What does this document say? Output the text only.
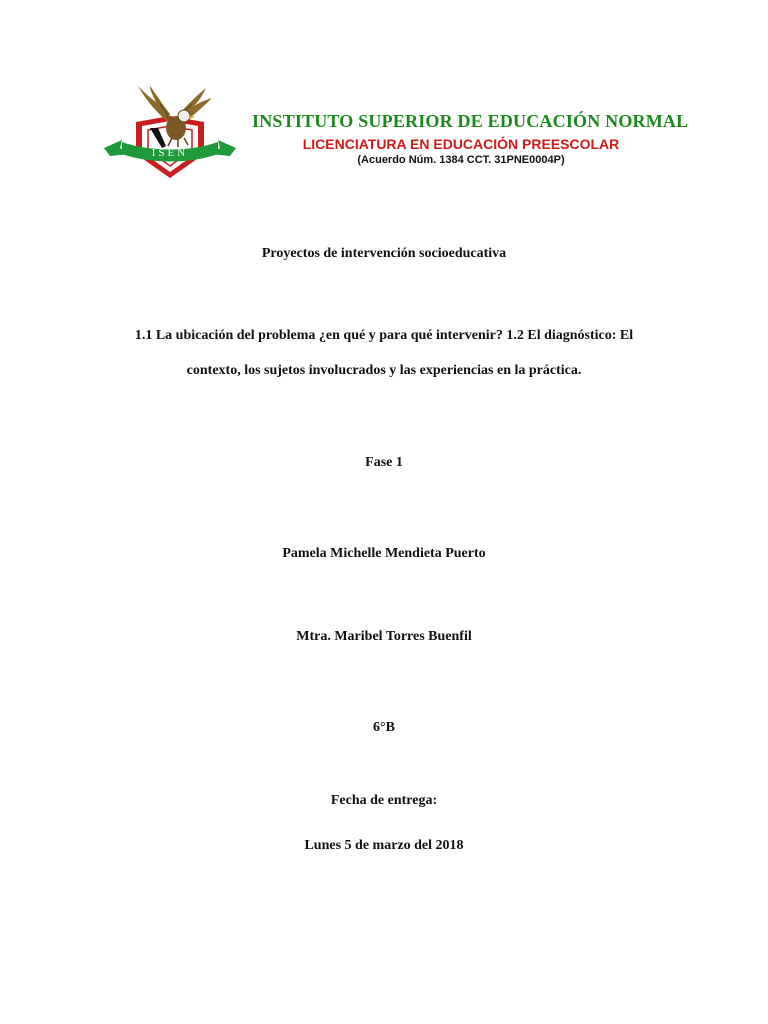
ISEN
INSTITUTO SUPERIOR DE EDUCACIÓN NORMAL
LICENCIATURA EN EDUCACIÓN PREESCOLAR
(Acuerdo Núm. 1384 CCT. 31PNE0004P)
Proyectos de intervención socioeducativa
1.1 La ubicación del problema ¿en qué y para qué intervenir? 1.2 El diagnóstico: El
contexto, los sujetos involucrados y las experiencias en la práctica.
Fase 1
Pamela Michelle Mendieta Puerto
Mtra. Maribel Torres Buenfil
6°B
Fecha de entrega:
Lunes 5 de marzo del 2018
